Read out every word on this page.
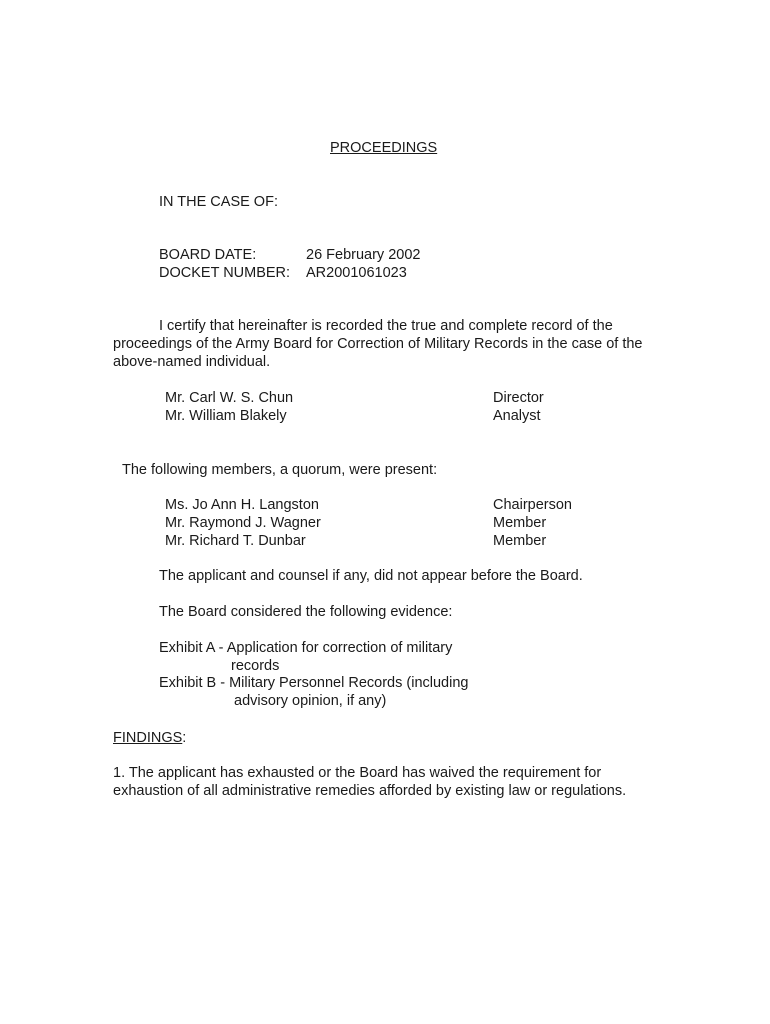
PROCEEDINGS
IN THE CASE OF:
BOARD DATE:	26 February 2002
DOCKET NUMBER: AR2001061023
I certify that hereinafter is recorded the true and complete record of the proceedings of the Army Board for Correction of Military Records in the case of the above-named individual.
Mr. Carl W. S. Chun	Director
Mr. William Blakely	Analyst
The following members, a quorum, were present:
Ms. Jo Ann H. Langston	Chairperson
Mr. Raymond J. Wagner	Member
Mr. Richard T. Dunbar	Member
The applicant and counsel if any, did not appear before the Board.
The Board considered the following evidence:
Exhibit A - Application for correction of military
records
Exhibit B - Military Personnel Records (including
advisory opinion, if any)
FINDINGS:
1. The applicant has exhausted or the Board has waived the requirement for exhaustion of all administrative remedies afforded by existing law or regulations.
